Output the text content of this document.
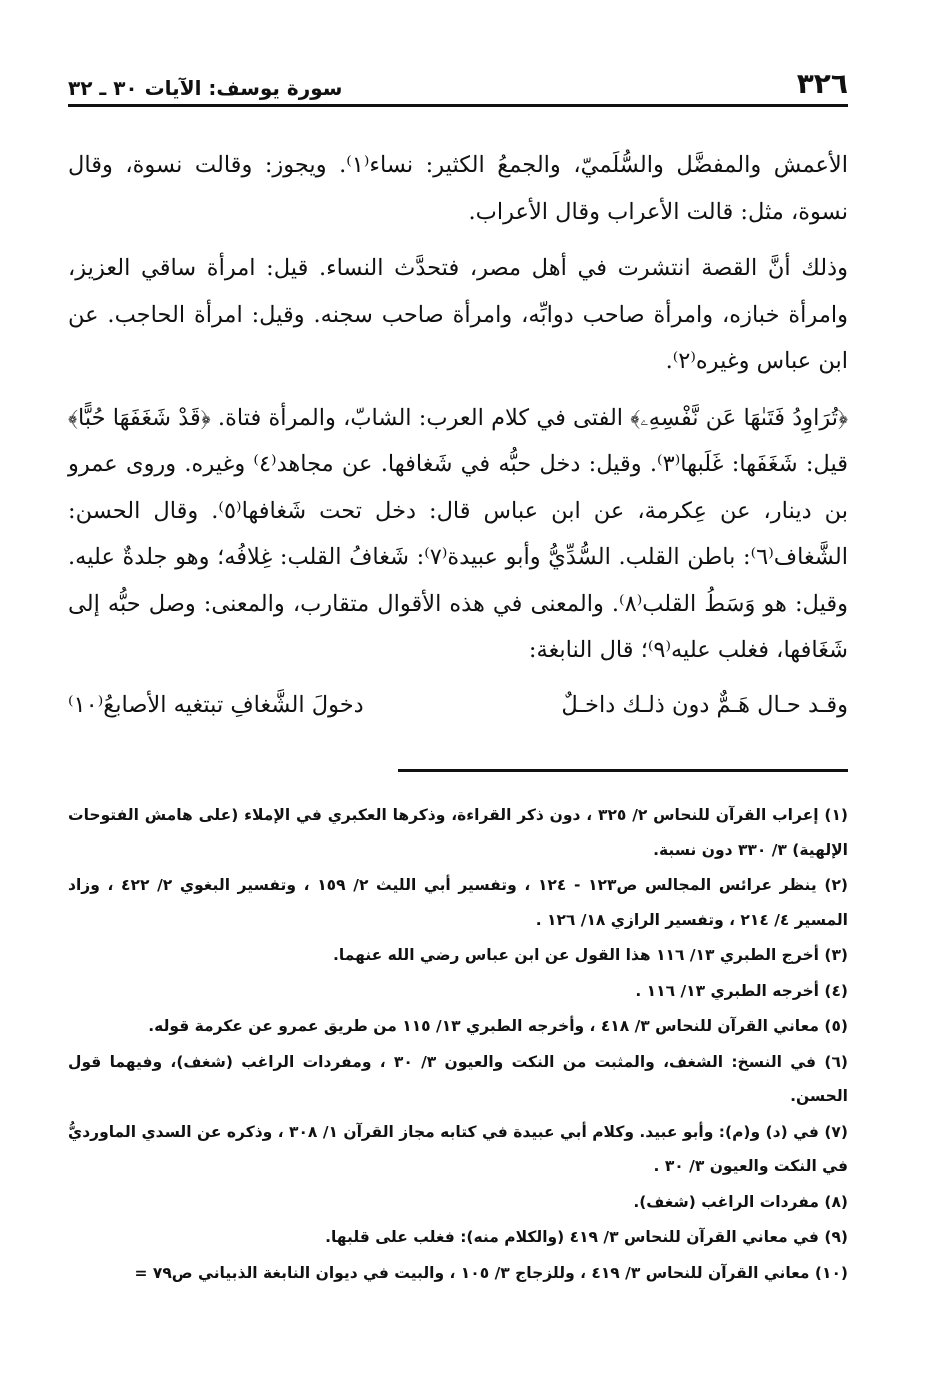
٣٢٦
سورة يوسف: الآيات ٣٠ ـ ٣٢

الأعمش والمفضَّل والسُّلَميّ، والجمعُ الكثير: نساء⁽١⁾. ويجوز: وقالت نسوة، وقال نسوة، مثل: قالت الأعراب وقال الأعراب.

وذلك أنَّ القصة انتشرت في أهل مصر، فتحدَّث النساء. قيل: امرأة ساقي العزيز، وامرأة خبازه، وامرأة صاحب دوابِّه، وامرأة صاحب سجنه. وقيل: امرأة الحاجب. عن ابن عباس وغيره⁽٢⁾.

﴿تُرَاوِدُ فَتَىٰهَا عَن نَّفْسِهِۦ﴾ الفتى في كلام العرب: الشابّ، والمرأة فتاة. ﴿قَدْ شَغَفَهَا حُبًّا﴾ قيل: شَغَفَها: غَلَبها⁽٣⁾. وقيل: دخل حبُّه في شَغافها. عن مجاهد⁽٤⁾ وغيره. وروى عمرو بن دينار، عن عِكرمة، عن ابن عباس قال: دخل تحت شَغافها⁽٥⁾. وقال الحسن: الشَّغاف⁽٦⁾: باطن القلب. السُّدِّيُّ وأبو عبيدة⁽٧⁾: شَغافُ القلب: غِلافُه؛ وهو جلدةٌ عليه. وقيل: هو وَسَطُ القلب⁽٨⁾. والمعنى في هذه الأقوال متقارب، والمعنى: وصل حبُّه إلى شَغَافها، فغلب عليه⁽٩⁾؛ قال النابغة:

وقـد حـال هَـمٌّ دون ذلـك داخـلٌ
دخولَ الشَّغافِ تبتغيه الأصابعُ⁽١٠⁾
(١) إعراب القرآن للنحاس ٢/ ٣٢٥ ، دون ذكر القراءة، وذكرها العكبري في الإملاء (على هامش الفتوحات الإلهية) ٣/ ٣٣٠ دون نسبة.
(٢) ينظر عرائس المجالس ص١٢٣ - ١٢٤ ، وتفسير أبي الليث ٢/ ١٥٩ ، وتفسير البغوي ٢/ ٤٢٢ ، وزاد المسير ٤/ ٢١٤ ، وتفسير الرازي ١٨/ ١٢٦ .
(٣) أخرج الطبري ١٣/ ١١٦ هذا القول عن ابن عباس رضي الله عنهما.
(٤) أخرجه الطبري ١٣/ ١١٦ .
(٥) معاني القرآن للنحاس ٣/ ٤١٨ ، وأخرجه الطبري ١٣/ ١١٥ من طريق عمرو عن عكرمة قوله.
(٦) في النسخ: الشغف، والمثبت من النكت والعيون ٣/ ٣٠ ، ومفردات الراغب (شغف)، وفيهما قول الحسن.
(٧) في (د) و(م): وأبو عبيد. وكلام أبي عبيدة في كتابه مجاز القرآن ١/ ٣٠٨ ، وذكره عن السدي الماورديُّ في النكت والعيون ٣/ ٣٠ .
(٨) مفردات الراغب (شغف).
(٩) في معاني القرآن للنحاس ٣/ ٤١٩ (والكلام منه): فغلب على قلبها.
(١٠) معاني القرآن للنحاس ٣/ ٤١٩ ، وللزجاج ٣/ ١٠٥ ، والبيت في ديوان النابغة الذبياني ص٧٩ =
